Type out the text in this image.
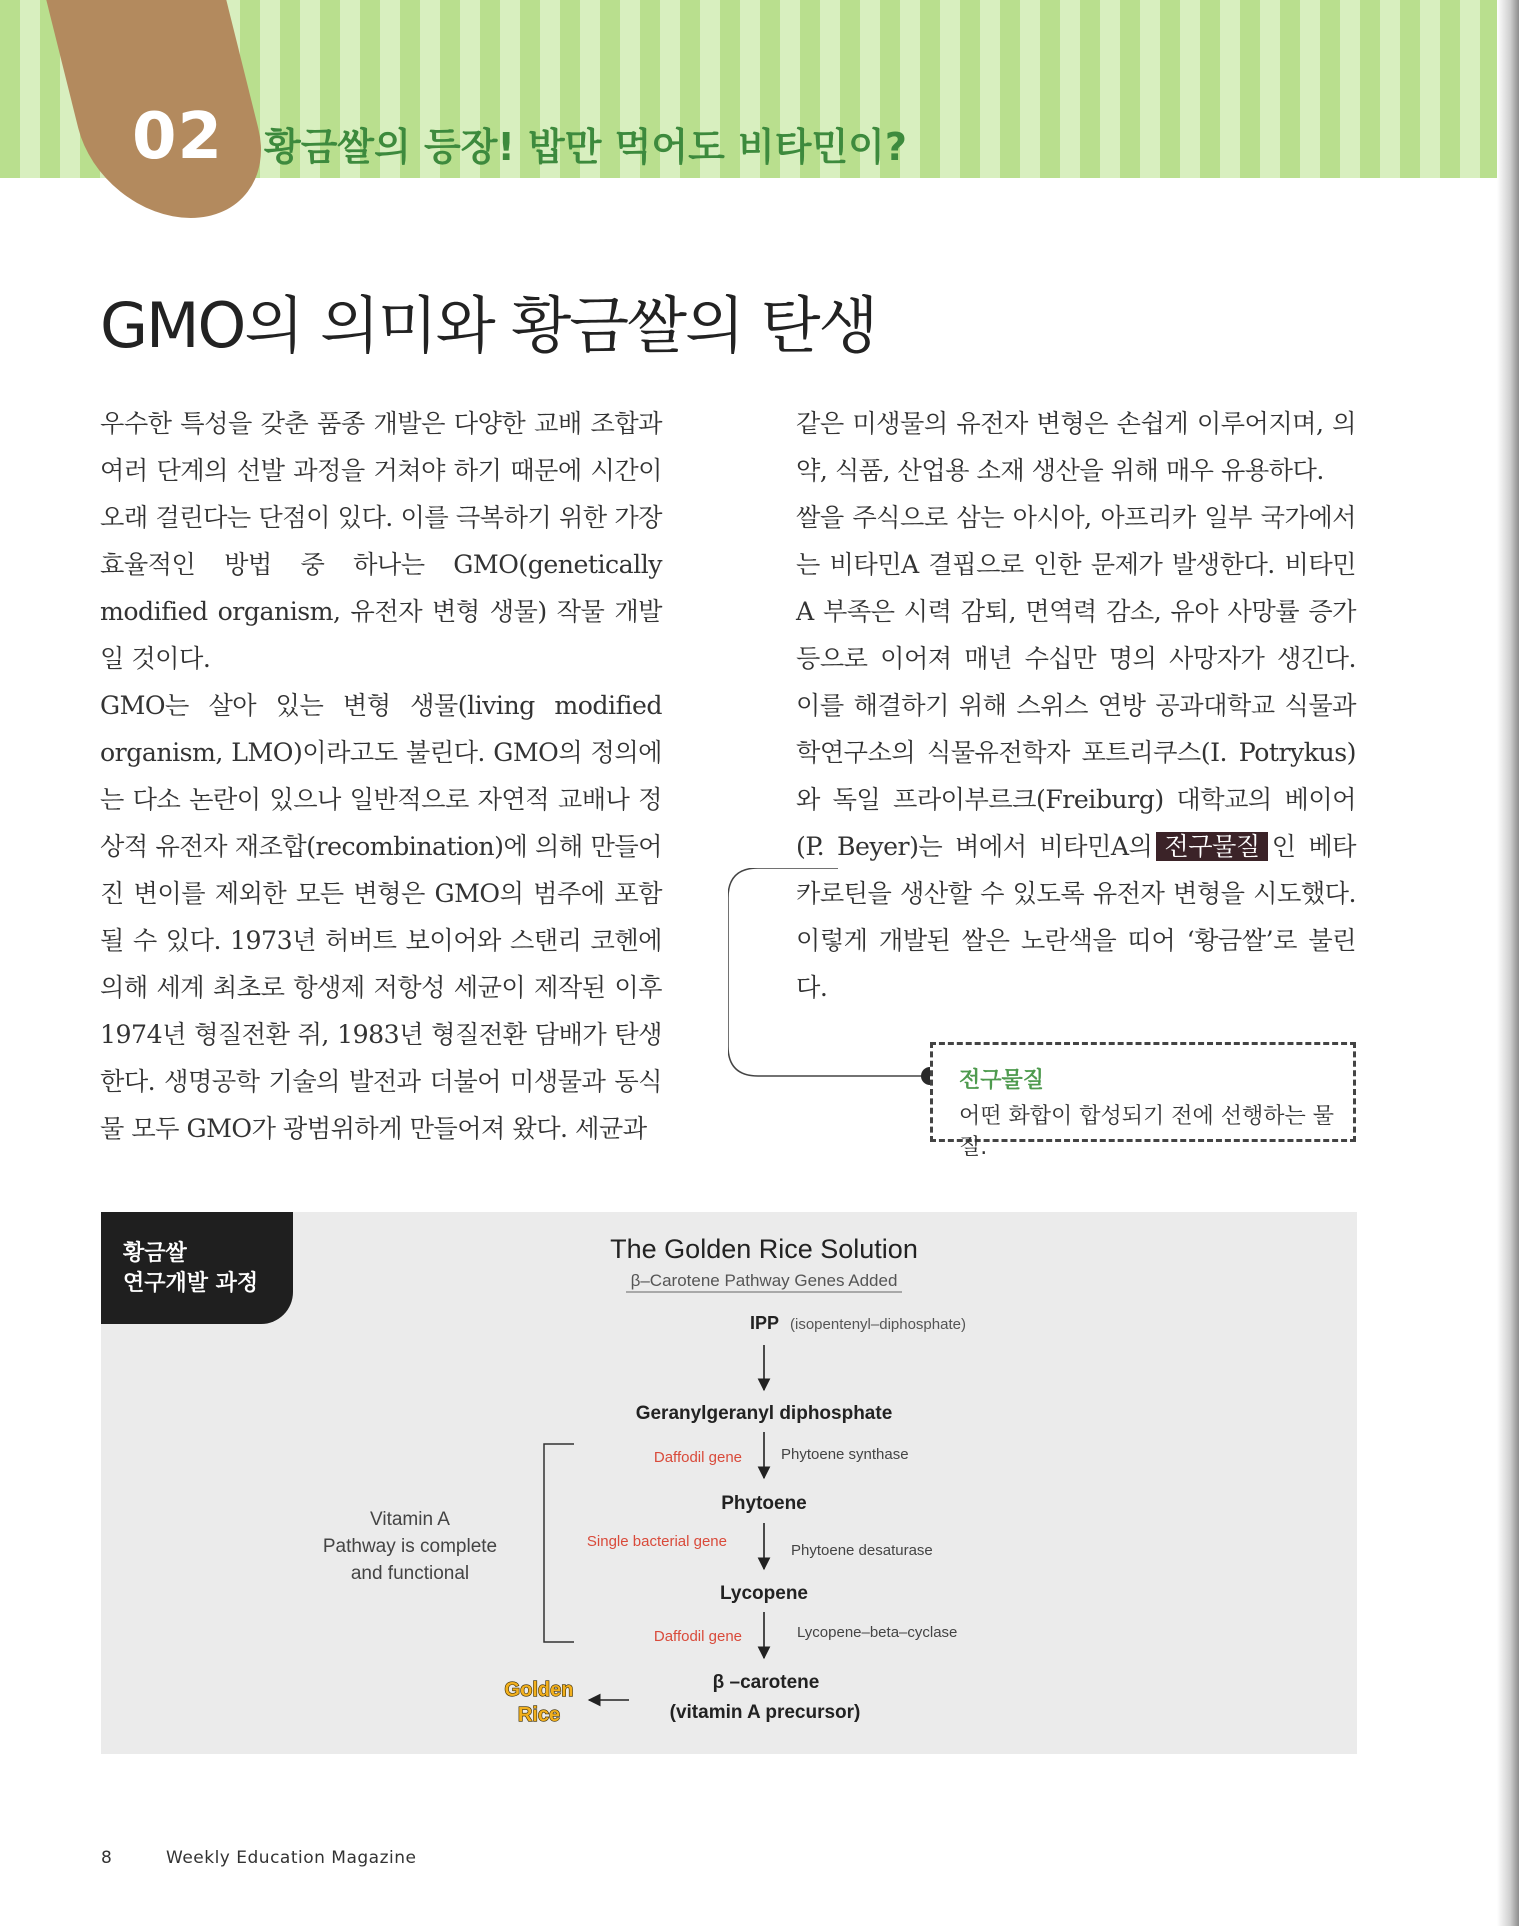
02 황금쌀의 등장! 밥만 먹어도 비타민이?
GMO의 의미와 황금쌀의 탄생

우수한 특성을 갖춘 품종 개발은 다양한 교배 조합과 여러 단계의 선발 과정을 거쳐야 하기 때문에 시간이 오래 걸린다는 단점이 있다. 이를 극복하기 위한 가장 효율적인 방법 중 하나는 GMO(genetically modified organism, 유전자 변형 생물) 작물 개발일 것이다.

GMO는 살아 있는 변형 생물(living modified organism, LMO)이라고도 불린다. GMO의 정의에는 다소 논란이 있으나 일반적으로 자연적 교배나 정상적 유전자 재조합(recombination)에 의해 만들어진 변이를 제외한 모든 변형은 GMO의 범주에 포함될 수 있다. 1973년 허버트 보이어와 스탠리 코헨에 의해 세계 최초로 항생제 저항성 세균이 제작된 이후 1974년 형질전환 쥐, 1983년 형질전환 담배가 탄생한다. 생명공학 기술의 발전과 더불어 미생물과 동식물 모두 GMO가 광범위하게 만들어져 왔다. 세균과

같은 미생물의 유전자 변형은 손쉽게 이루어지며, 의약, 식품, 산업용 소재 생산을 위해 매우 유용하다.

쌀을 주식으로 삼는 아시아, 아프리카 일부 국가에서는 비타민A 결핍으로 인한 문제가 발생한다. 비타민A 부족은 시력 감퇴, 면역력 감소, 유아 사망률 증가 등으로 이어져 매년 수십만 명의 사망자가 생긴다. 이를 해결하기 위해 스위스 연방 공과대학교 식물과학연구소의 식물유전학자 포트리쿠스(I. Potrykus)와 독일 프라이부르크(Freiburg) 대학교의 베이어(P. Beyer)는 벼에서 비타민A의 전구물질 인 베타카로틴을 생산할 수 있도록 유전자 변형을 시도했다. 이렇게 개발된 쌀은 노란색을 띠어 ‘황금쌀’로 불린다.

전구물질
어떤 화합이 합성되기 전에 선행하는 물질.
The Golden Rice Solution
β–Carotene Pathway Genes Added
IPP (isopentenyl–diphosphate)
Geranylgeranyl diphosphate
Daffodil gene	Phytoene synthase
Phytoene
Single bacterial gene
Phytoene desaturase
Lycopene
Daffodil gene	Lycopene–beta–cyclase
β –carotene
(vitamin A precursor)
Vitamin A
Pathway is complete
and functional
Golden
Rice
황금쌀
연구개발 과정
8	Weekly Education Magazine
